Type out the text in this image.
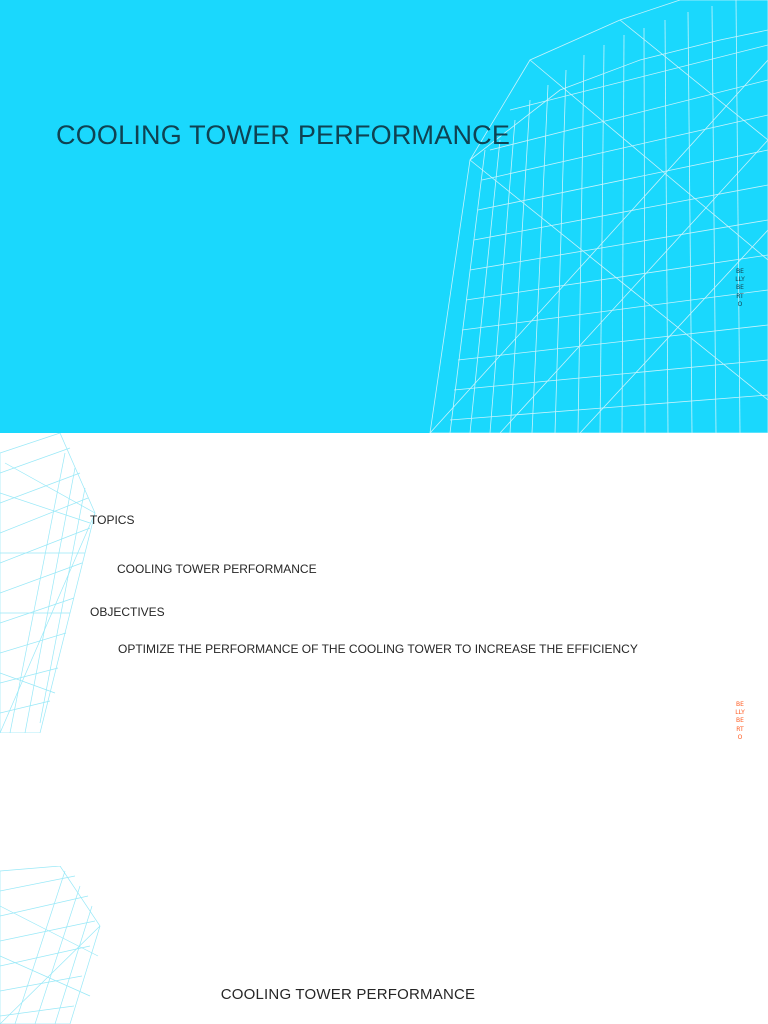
COOLING TOWER PERFORMANCE
BELLYBERTO

TOPICS

COOLING TOWER PERFORMANCE

OBJECTIVES

OPTIMIZE THE PERFORMANCE OF THE COOLING TOWER TO INCREASE THE EFFICIENCY

BELLYBERTO
COOLING TOWER PERFORMANCE
